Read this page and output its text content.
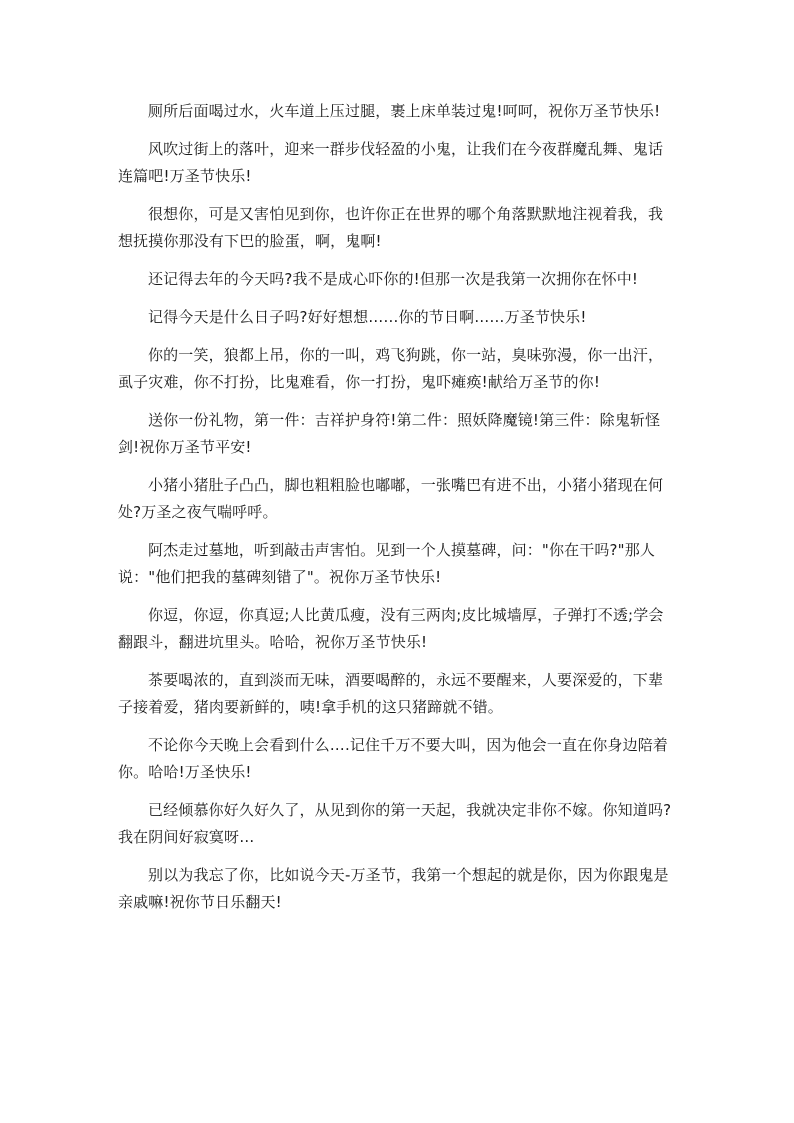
厕所后面喝过水，火车道上压过腿，裹上床单装过鬼!呵呵，祝你万圣节快乐!

风吹过街上的落叶，迎来一群步伐轻盈的小鬼，让我们在今夜群魔乱舞、鬼话连篇吧!万圣节快乐!

很想你，可是又害怕见到你，也许你正在世界的哪个角落默默地注视着我，我想抚摸你那没有下巴的脸蛋，啊，鬼啊!

还记得去年的今天吗?我不是成心吓你的!但那一次是我第一次拥你在怀中!

记得今天是什么日子吗?好好想想……你的节日啊……万圣节快乐!

你的一笑，狼都上吊，你的一叫，鸡飞狗跳，你一站，臭味弥漫，你一出汗，虱子灾难，你不打扮，比鬼难看，你一打扮，鬼吓瘫痪!献给万圣节的你!

送你一份礼物，第一件：吉祥护身符!第二件：照妖降魔镜!第三件：除鬼斩怪剑!祝你万圣节平安!

小猪小猪肚子凸凸，脚也粗粗脸也嘟嘟，一张嘴巴有进不出，小猪小猪现在何处?万圣之夜气喘呼呼。

阿杰走过墓地，听到敲击声害怕。见到一个人摸墓碑，问："你在干吗?"那人说："他们把我的墓碑刻错了"。祝你万圣节快乐!

你逗，你逗，你真逗;人比黄瓜瘦，没有三两肉;皮比城墙厚，子弹打不透;学会翻跟斗，翻进坑里头。哈哈，祝你万圣节快乐!

茶要喝浓的，直到淡而无味，酒要喝醉的，永远不要醒来，人要深爱的，下辈子接着爱，猪肉要新鲜的，咦!拿手机的这只猪蹄就不错。

不论你今天晚上会看到什么….记住千万不要大叫，因为他会一直在你身边陪着你。哈哈!万圣快乐!

已经倾慕你好久好久了，从见到你的第一天起，我就决定非你不嫁。你知道吗?我在阴间好寂寞呀…

别以为我忘了你，比如说今天-万圣节，我第一个想起的就是你，因为你跟鬼是亲戚嘛!祝你节日乐翻天!
